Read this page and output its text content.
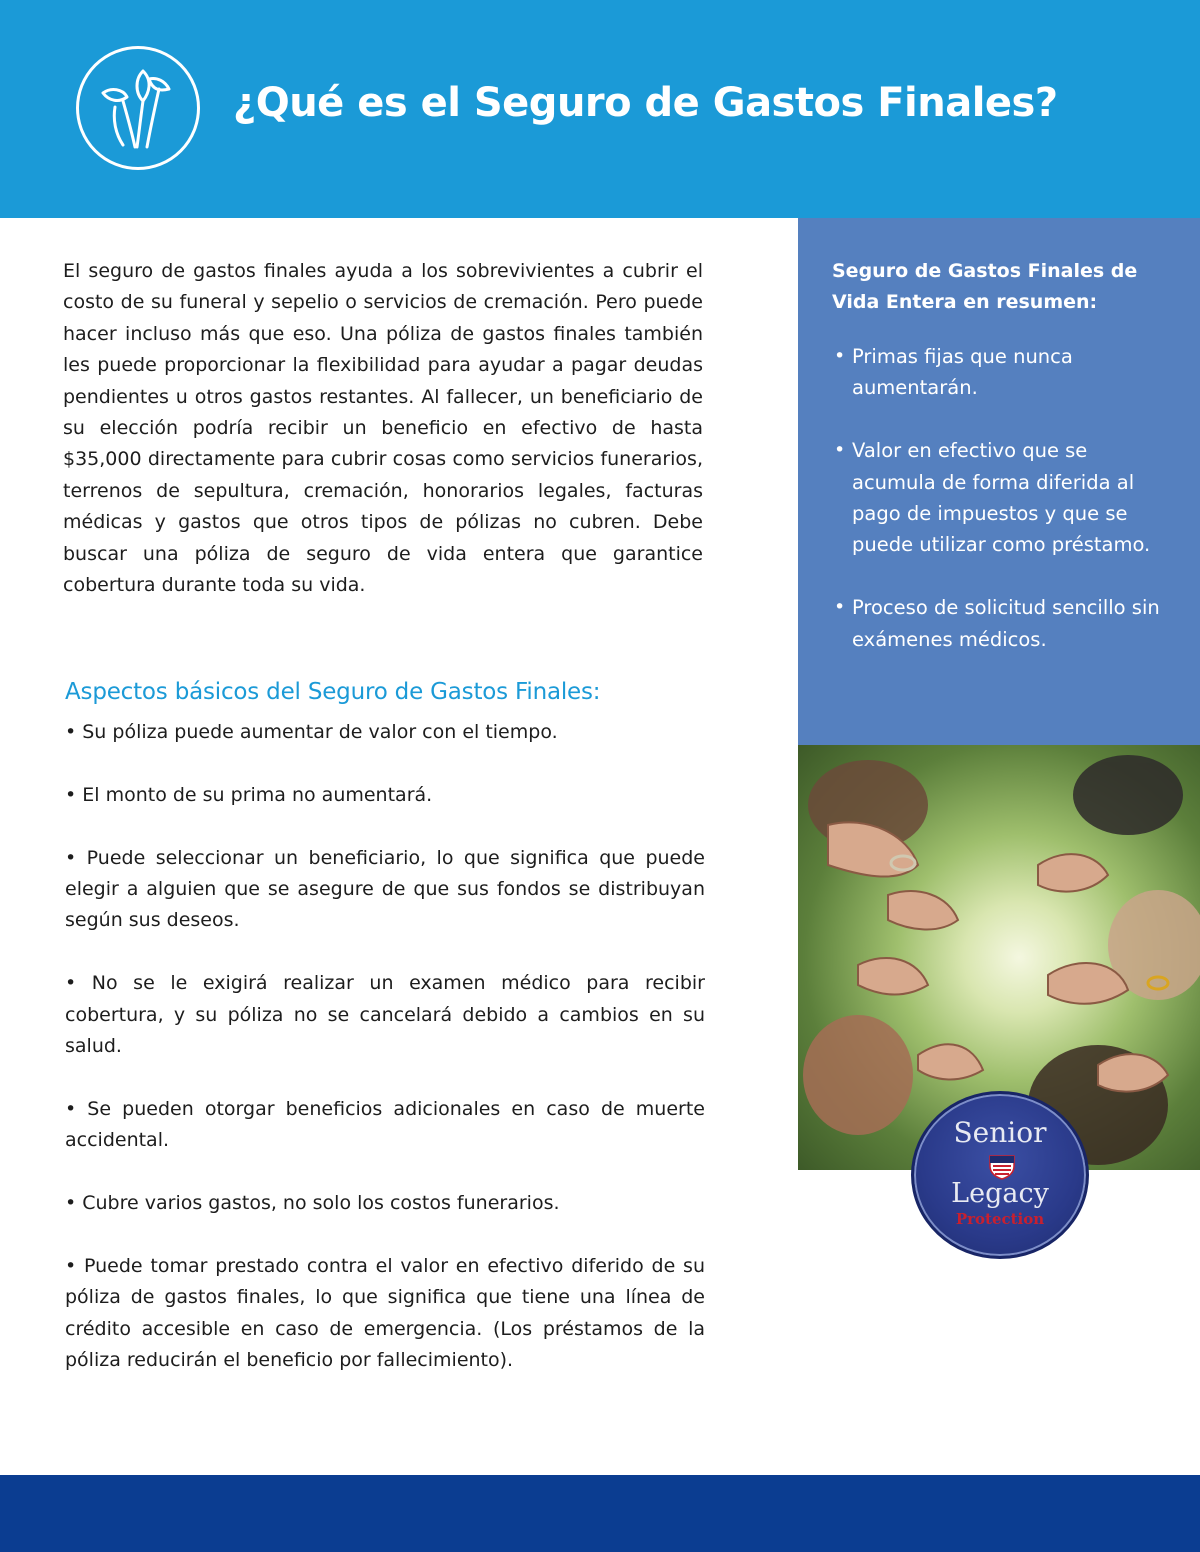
¿Qué es el Seguro de Gastos Finales?

El seguro de gastos finales ayuda a los sobrevivientes a cubrir el costo de su funeral y sepelio o servicios de cremación. Pero puede hacer incluso más que eso. Una póliza de gastos finales también les puede proporcionar la flexibilidad para ayudar a pagar deudas pendientes u otros gastos restantes. Al fallecer, un beneficiario de su elección podría recibir un beneficio en efectivo de hasta $35,000 directamente para cubrir cosas como servicios funerarios, terrenos de sepultura, cremación, honorarios legales, facturas médicas y gastos que otros tipos de pólizas no cubren. Debe buscar una póliza de seguro de vida entera que garantice cobertura durante toda su vida.

Aspectos básicos del Seguro de Gastos Finales:
• Su póliza puede aumentar de valor con el tiempo.
• El monto de su prima no aumentará.
• Puede seleccionar un beneficiario, lo que significa que puede elegir a alguien que se asegure de que sus fondos se distribuyan según sus deseos.
• No se le exigirá realizar un examen médico para recibir cobertura, y su póliza no se cancelará debido a cambios en su salud.
• Se pueden otorgar beneficios adicionales en caso de muerte accidental.
• Cubre varios gastos, no solo los costos funerarios.
• Puede tomar prestado contra el valor en efectivo diferido de su póliza de gastos finales, lo que significa que tiene una línea de crédito accesible en caso de emergencia. (Los préstamos de la póliza reducirán el beneficio por fallecimiento).
Seguro de Gastos Finales de Vida Entera en resumen:
• Primas fijas que nunca aumentarán.
• Valor en efectivo que se acumula de forma diferida al pago de impuestos y que se puede utilizar como préstamo.
• Proceso de solicitud sencillo sin exámenes médicos.
Senior
Legacy
Protection
